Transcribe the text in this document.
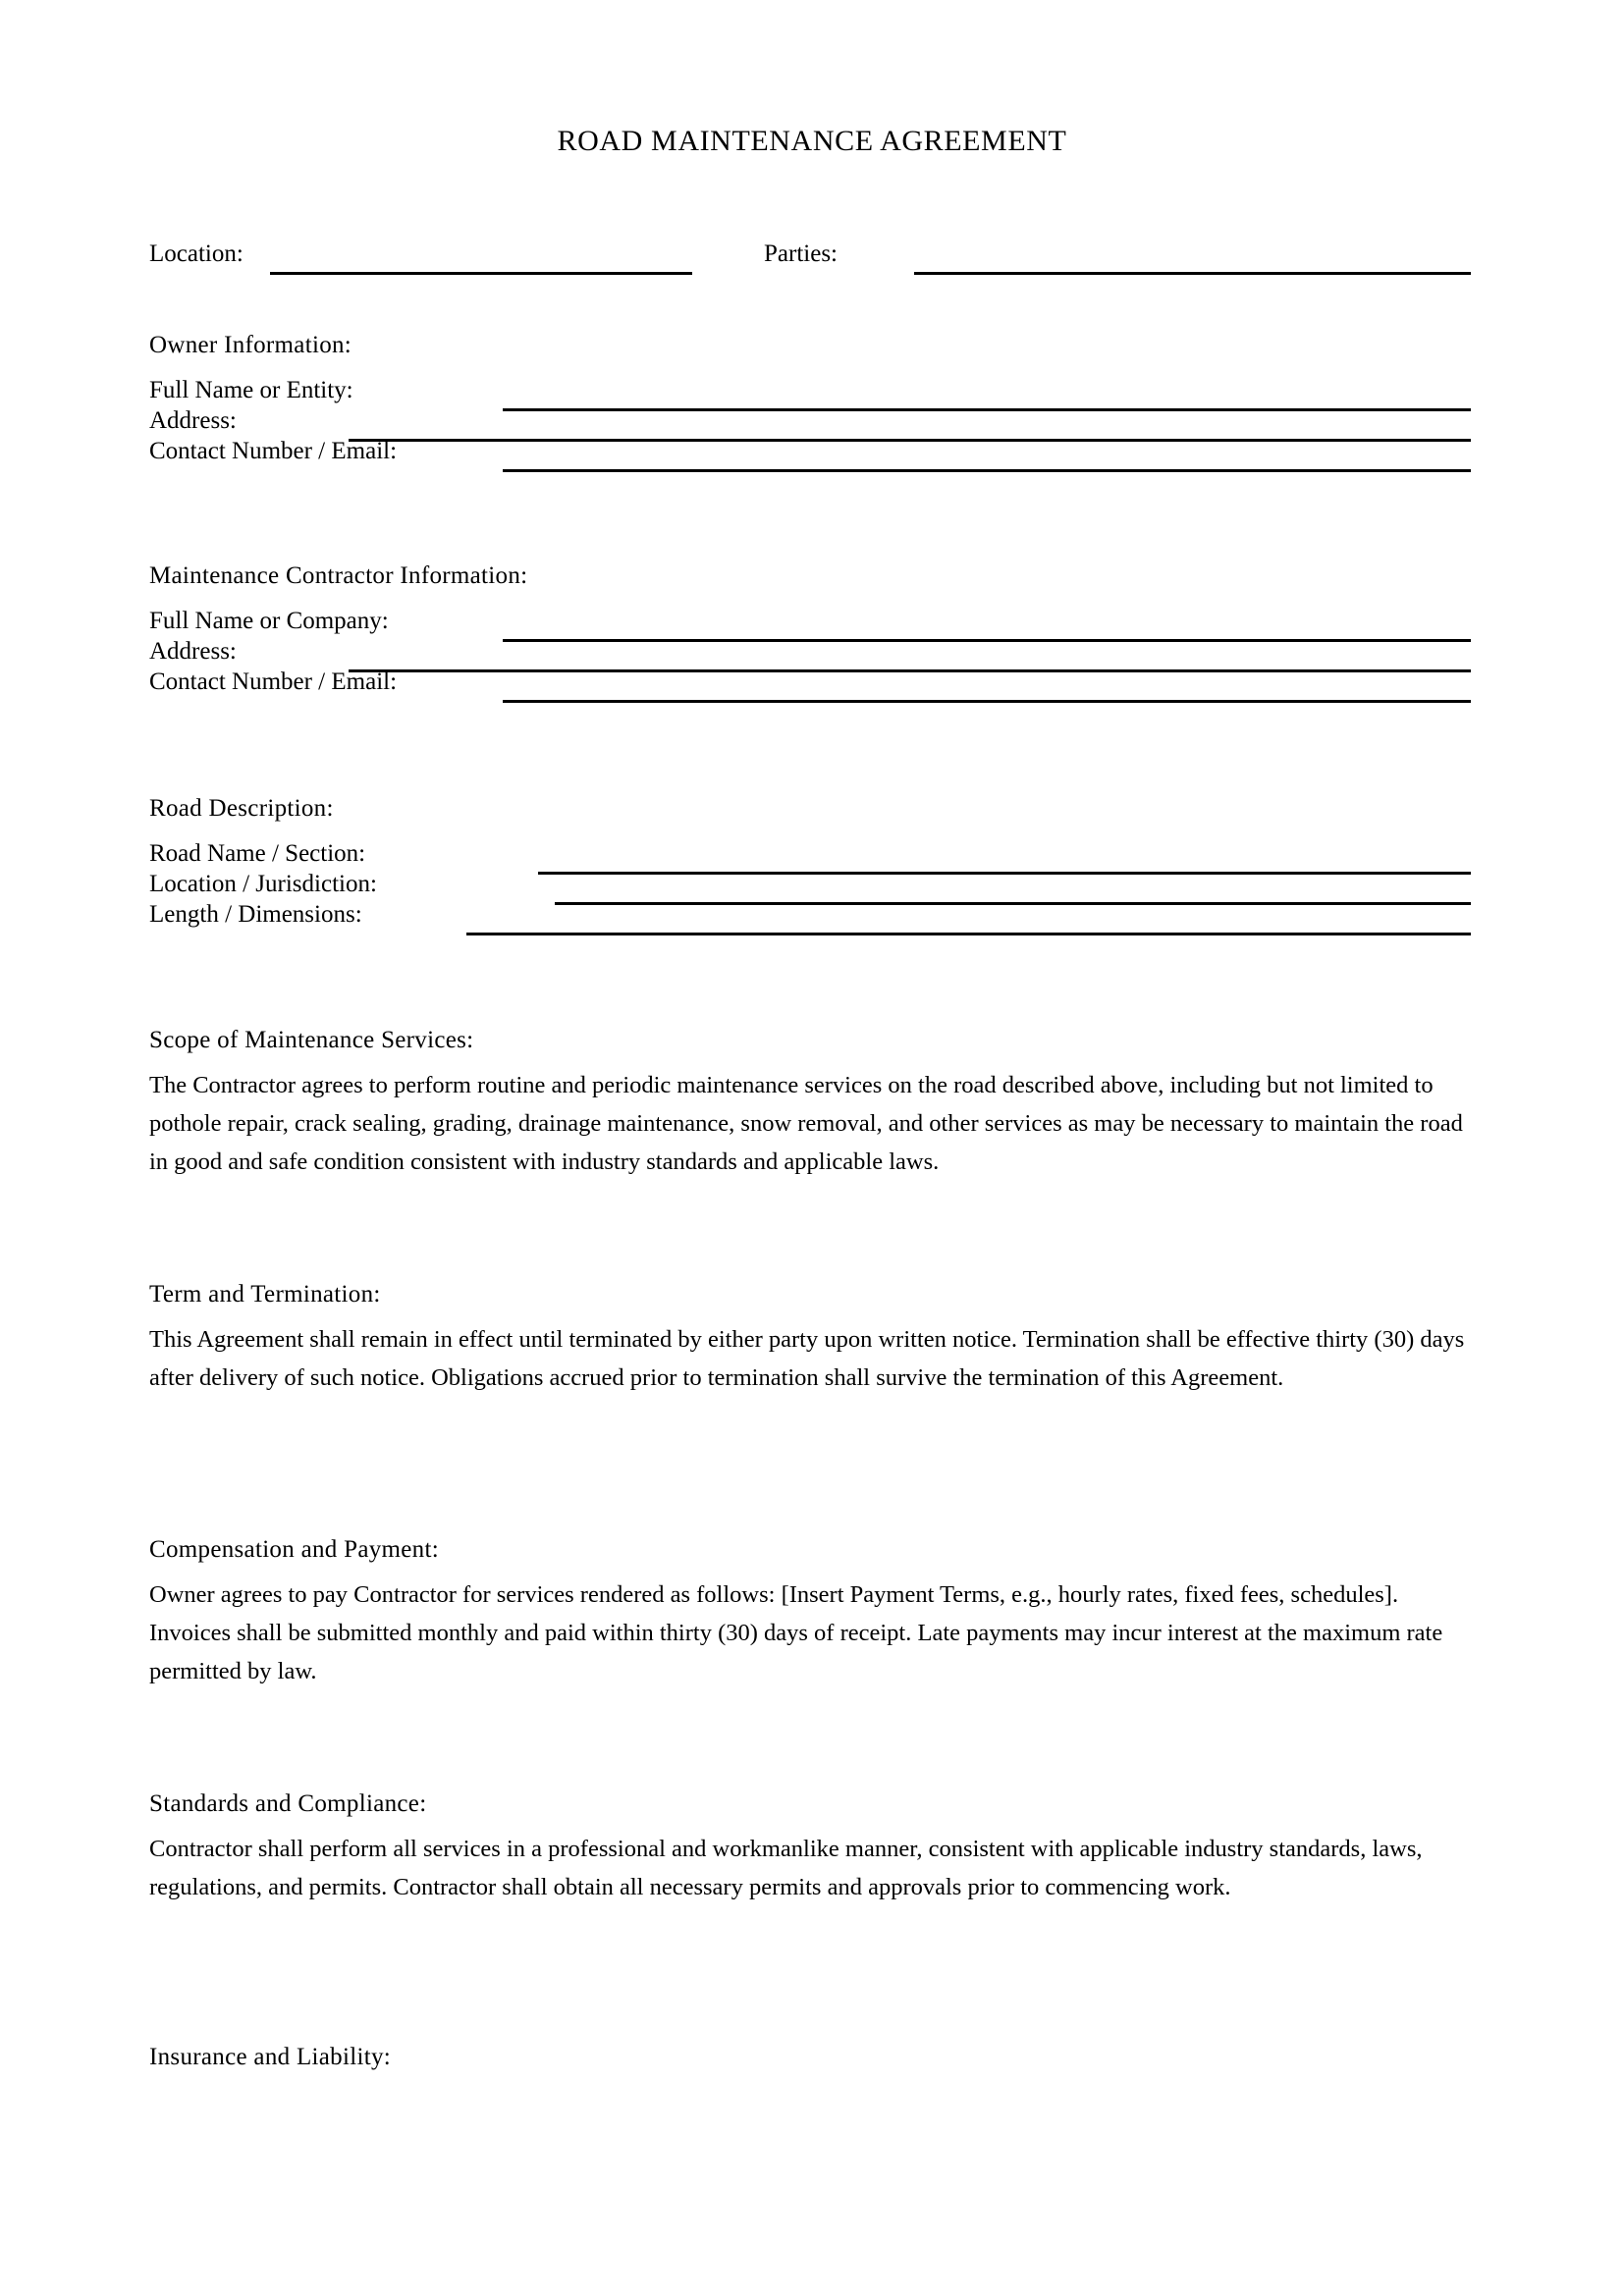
ROAD MAINTENANCE AGREEMENT
Location:	Parties:
Owner Information:
Full Name or Entity:
Address:
Contact Number / Email:
Maintenance Contractor Information:
Full Name or Company:
Address:
Contact Number / Email:
Road Description:
Road Name / Section:
Location / Jurisdiction:
Length / Dimensions:
Scope of Maintenance Services:
The Contractor agrees to perform routine and periodic maintenance services on the road described above, including but not limited to pothole repair, crack sealing, grading, drainage maintenance, snow removal, and other services as may be necessary to maintain the road in good and safe condition consistent with industry standards and applicable laws.
Term and Termination:
This Agreement shall remain in effect until terminated by either party upon written notice. Termination shall be effective thirty (30) days after delivery of such notice. Obligations accrued prior to termination shall survive the termination of this Agreement.
Compensation and Payment:
Owner agrees to pay Contractor for services rendered as follows: [Insert Payment Terms, e.g., hourly rates, fixed fees, schedules]. Invoices shall be submitted monthly and paid within thirty (30) days of receipt. Late payments may incur interest at the maximum rate permitted by law.
Standards and Compliance:
Contractor shall perform all services in a professional and workmanlike manner, consistent with applicable industry standards, laws, regulations, and permits. Contractor shall obtain all necessary permits and approvals prior to commencing work.
Insurance and Liability:
